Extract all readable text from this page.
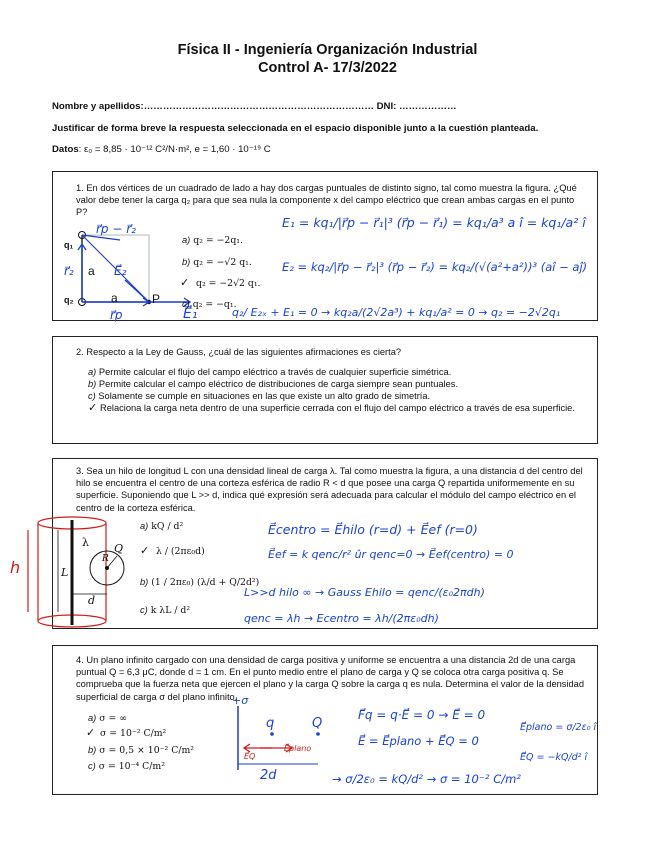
Física II - Ingeniería Organización Industrial
Control A- 17/3/2022
Nombre y apellidos:……………………………………………………………… DNI: ………………
Justificar de forma breve la respuesta seleccionada en el espacio disponible junto a la cuestión planteada.
Datos: ε₀ = 8,85 · 10⁻¹² C²/N·m², e = 1,60 · 10⁻¹⁹ C
1. En dos vértices de un cuadrado de lado a hay dos cargas puntuales de distinto signo, tal como muestra la figura. ¿Qué valor debe tener la carga q₂ para que sea nula la componente x del campo eléctrico que crean ambas cargas en el punto P?
q₁
q₂
a
a	P
r⃗p − r⃗₂
r⃗₂	E⃗₂
r⃗p	E⃗₁
a) q₂ = −2q₁.
b) q₂ = −√2 q₁.
✓ q₂ = −2√2 q₁.
c) q₂ = −q₁.
E₁ = kq₁/|r⃗p − r⃗₁|³ (r⃗p − r⃗₁) = kq₁/a³ a î = kq₁/a² î
E₂ = kq₂/|r⃗p − r⃗₂|³ (r⃗p − r⃗₂) = kq₂/(√(a²+a²))³ (aî − aĵ)
q₂/ E₂ₓ + E₁ = 0 → kq₂a/(2√2a³) + kq₁/a² = 0 → q₂ = −2√2q₁
2. Respecto a la Ley de Gauss, ¿cuál de las siguientes afirmaciones es cierta?
a) Permite calcular el flujo del campo eléctrico a través de cualquier superficie simétrica.
b) Permite calcular el campo eléctrico de distribuciones de carga siempre sean puntuales.
c) Solamente se cumple en situaciones en las que existe un alto grado de simetría.
✓ Relaciona la carga neta dentro de una superficie cerrada con el flujo del campo eléctrico a través de esa superficie.
3. Sea un hilo de longitud L con una densidad lineal de carga λ. Tal como muestra la figura, a una distancia d del centro del hilo se encuentra el centro de una corteza esférica de radio R < d que posee una carga Q repartida uniformemente en su superficie. Suponiendo que L >> d, indica qué expresión será adecuada para calcular el módulo del campo eléctrico en el centro de la corteza esférica.
λ
L
Q
R
d
h
a) kQ / d²
✓ λ / (2πε₀d)
b) (1 / 2πε₀) (λ/d + Q/2d²)
c) k λL / d²
E⃗centro = E⃗hilo (r=d) + E⃗ef (r=0)
E⃗ef = k qenc/r² ûr qenc=0 → E⃗ef(centro) = 0
L>>d hilo ∞ → Gauss Ehilo = qenc/(ε₀2πdh)
qenc = λh → Ecentro = λh/(2πε₀dh)
4. Un plano infinito cargado con una densidad de carga positiva y uniforme se encuentra a una distancia 2d de una carga puntual Q = 6,3 μC, donde d = 1 cm. En el punto medio entre el plano de carga y Q se coloca otra carga positiva q. Se comprueba que la fuerza neta que ejercen el plano y la carga Q sobre la carga q es nula. Determina el valor de la densidad superficial de carga σ del plano infinito.
a) σ = ∞
✓ σ = 10⁻² C/m²
b) σ = 0,5 × 10⁻² C/m²
c) σ = 10⁻⁴ C/m²
+σ
q	Q
E⃗Q
E⃗plano
2d
F⃗q = q·E⃗ = 0 → E⃗ = 0
E⃗ = E⃗plano + E⃗Q = 0
E⃗plano = σ/2ε₀ î
E⃗Q = −kQ/d² î
→ σ/2ε₀ = kQ/d² → σ = 10⁻² C/m²
